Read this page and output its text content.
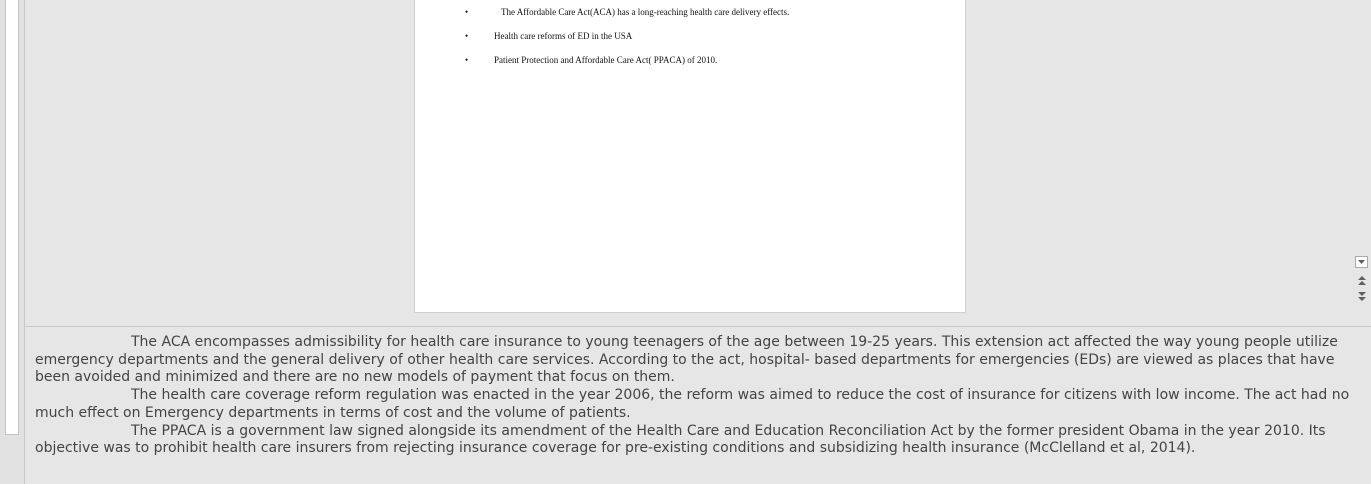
•	The Affordable Care Act(ACA) has a long-reaching health care delivery effects.
•	Health care reforms of ED in the USA
•	Patient Protection and Affordable Care Act( PPACA) of 2010.

The ACA encompasses admissibility for health care insurance to young teenagers of the age between 19-25 years. This extension act affected the way young people utilize emergency departments and the general delivery of other health care services. According to the act, hospital- based departments for emergencies (EDs) are viewed as places that have been avoided and minimized and there are no new models of payment that focus on them.

The health care coverage reform regulation was enacted in the year 2006, the reform was aimed to reduce the cost of insurance for citizens with low income. The act had no much effect on Emergency departments in terms of cost and the volume of patients.

The PPACA is a government law signed alongside its amendment of the Health Care and Education Reconciliation Act by the former president Obama in the year 2010. Its objective was to prohibit health care insurers from rejecting insurance coverage for pre-existing conditions and subsidizing health insurance (McClelland et al, 2014).
